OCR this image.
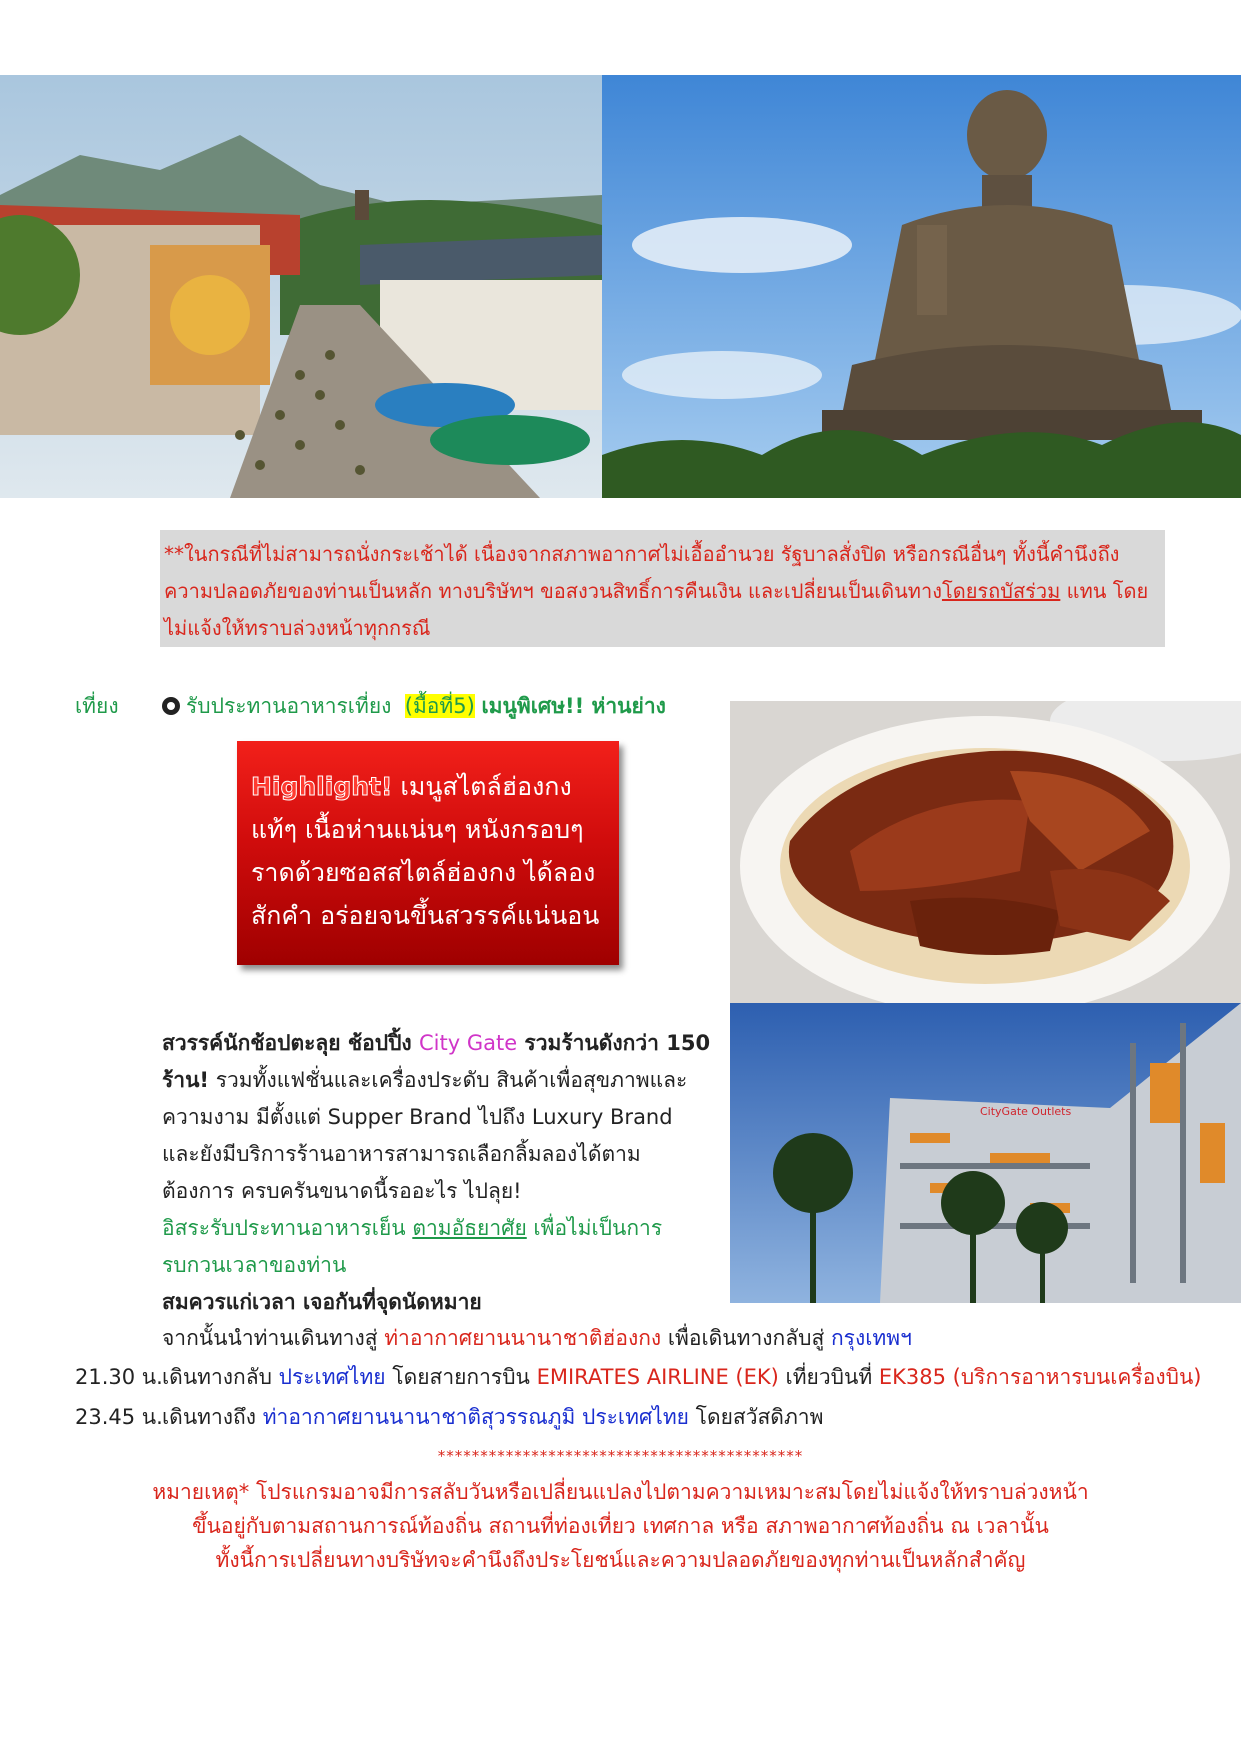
**ในกรณีที่ไม่สามารถนั่งกระเช้าได้ เนื่องจากสภาพอากาศไม่เอื้ออำนวย รัฐบาลสั่งปิด หรือกรณีอื่นๆ ทั้งนี้คำนึงถึง ความปลอดภัยของท่านเป็นหลัก ทางบริษัทฯ ขอสงวนสิทธิ์การคืนเงิน และเปลี่ยนเป็นเดินทางโดยรถบัสร่วม แทน โดยไม่แจ้งให้ทราบล่วงหน้าทุกกรณี

เที่ยง	รับประทานอาหารเที่ยง (มื้อที่5) เมนูพิเศษ!! ห่านย่าง
Highlight! เมนูสไตล์ฮ่องกงแท้ๆ เนื้อห่านแน่นๆ หนังกรอบๆ ราดด้วยซอสสไตล์ฮ่องกง ได้ลองสักคำ อร่อยจนขึ้นสวรรค์แน่นอน
CityGate Outlets
สวรรค์นักช้อปตะลุย ช้อปปิ้ง City Gate รวมร้านดังกว่า 150 ร้าน! รวมทั้งแฟชั่นและเครื่องประดับ สินค้าเพื่อสุขภาพและความงาม มีตั้งแต่ Supper Brand ไปถึง Luxury Brand และยังมีบริการร้านอาหารสามารถเลือกลิ้มลองได้ตามต้องการ ครบครันขนาดนี้รออะไร ไปลุย!
อิสระรับประทานอาหารเย็น ตามอัธยาศัย เพื่อไม่เป็นการรบกวนเวลาของท่าน
สมควรแก่เวลา เจอกันที่จุดนัดหมาย
จากนั้นนำท่านเดินทางสู่ ท่าอากาศยานนานาชาติฮ่องกง เพื่อเดินทางกลับสู่ กรุงเทพฯ
21.30 น. เดินทางกลับ ประเทศไทย โดยสายการบิน EMIRATES AIRLINE (EK) เที่ยวบินที่ EK385 (บริการอาหารบนเครื่องบิน)
23.45 น. เดินทางถึง ท่าอากาศยานนานาชาติสุวรรณภูมิ ประเทศไทย โดยสวัสดิภาพ
*******************************************
หมายเหตุ* โปรแกรมอาจมีการสลับวันหรือเปลี่ยนแปลงไปตามความเหมาะสมโดยไม่แจ้งให้ทราบล่วงหน้า
ขึ้นอยู่กับตามสถานการณ์ท้องถิ่น สถานที่ท่องเที่ยว เทศกาล หรือ สภาพอากาศท้องถิ่น ณ เวลานั้น
ทั้งนี้การเปลี่ยนทางบริษัทจะคำนึงถึงประโยชน์และความปลอดภัยของทุกท่านเป็นหลักสำคัญ
